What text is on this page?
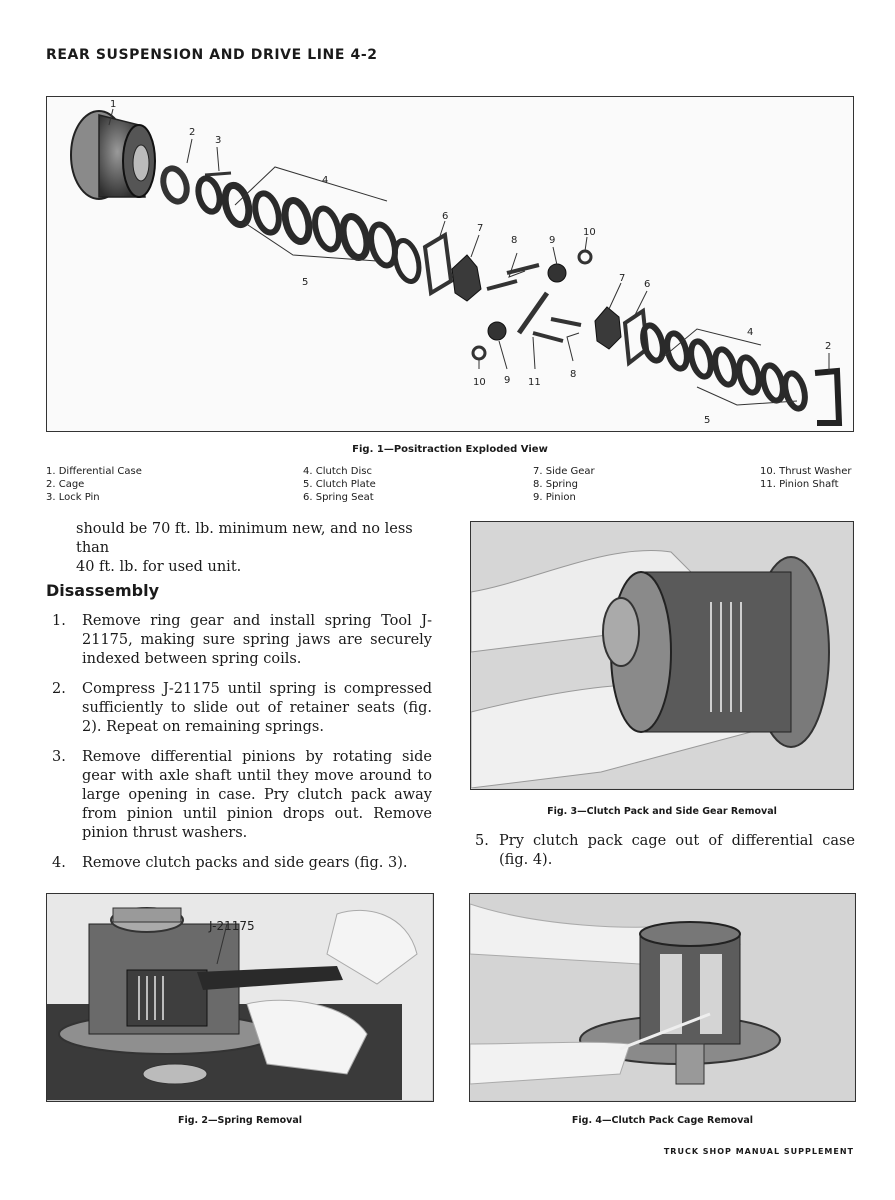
REAR SUSPENSION AND DRIVE LINE 4-2
1
2
3
4
5
6
7
8	9
10
7
6
4
2
5
10 9 11
8
Fig. 1—Positraction Exploded View
1. Differential Case
2. Cage
3. Lock Pin
4. Clutch Disc
5. Clutch Plate
6. Spring Seat
7. Side Gear
8. Spring
9. Pinion
10. Thrust Washer
11. Pinion Shaft
should be 70 ft. lb. minimum new, and no less than
40 ft. lb. for used unit.
Disassembly
1.	Remove ring gear and install spring Tool J-21175, making sure spring jaws are securely indexed between spring coils.
2.	Compress J-21175 until spring is compressed sufficiently to slide out of retainer seats (fig. 2). Repeat on remaining springs.
3.	Remove differential pinions by rotating side gear with axle shaft until they move around to large opening in case. Pry clutch pack away from pinion until pinion drops out. Remove pinion thrust washers.
4.	Remove clutch packs and side gears (fig. 3).
Fig. 3—Clutch Pack and Side Gear Removal
5. Pry clutch pack cage out of differential case (fig. 4).
J-21175
Fig. 2—Spring Removal	Fig. 4—Clutch Pack Cage Removal
TRUCK SHOP MANUAL SUPPLEMENT
